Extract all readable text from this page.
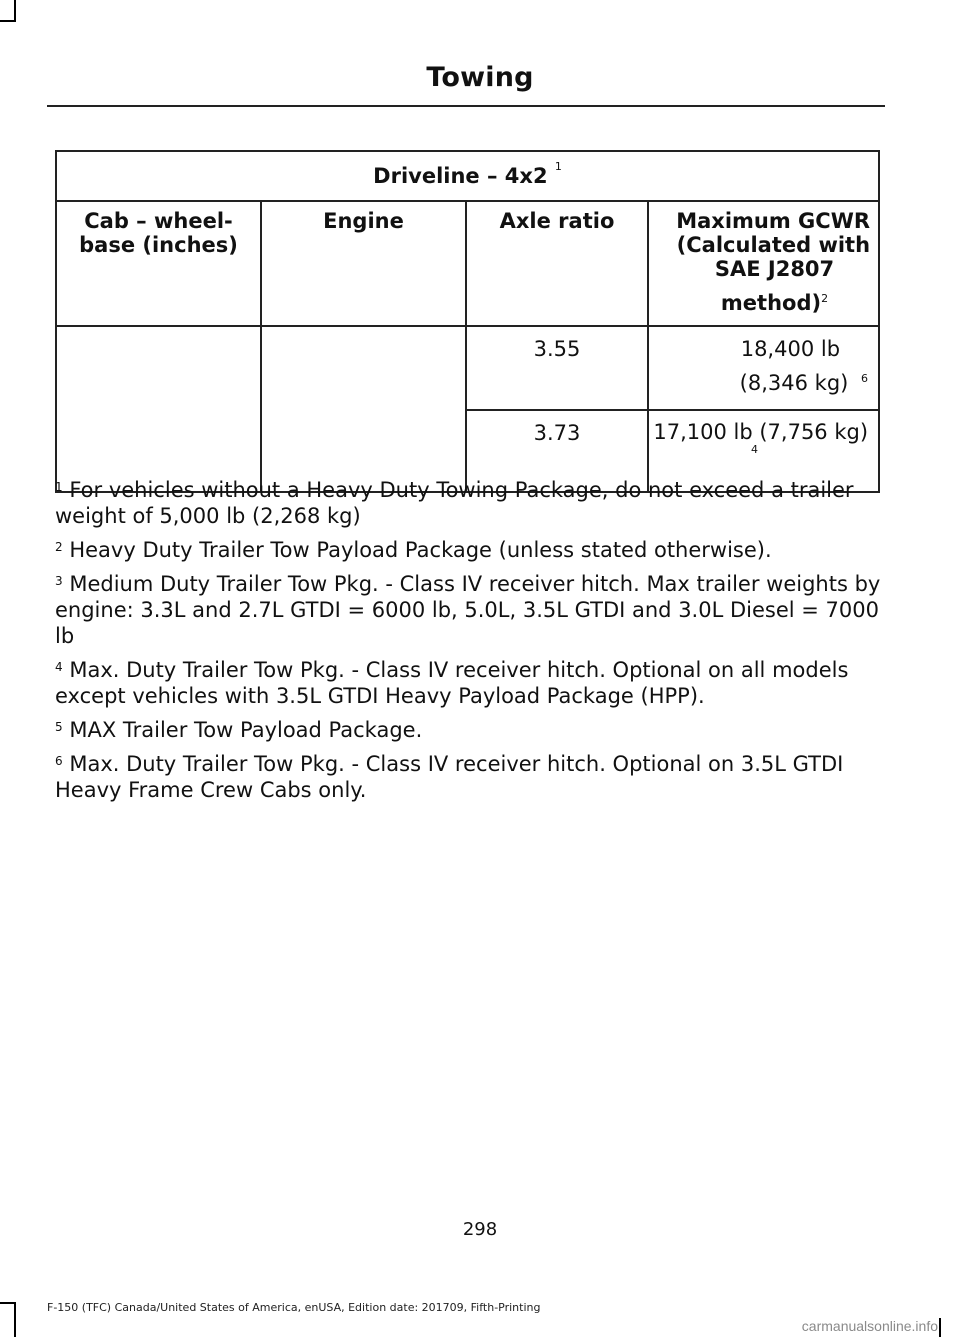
Towing
Driveline – 4x2 $^1$

Cab – wheel-base (inches)	Engine	Axle ratio	Maximum GCWR
(Calculated with
SAE J2807
method)$^2$

		3.55	18,400 lb
(8,346 kg) $^6$

		3.73	17,100 lb (7,756 kg)
4

$^1$ For vehicles without a Heavy Duty Towing Package, do not exceed a trailer weight of 5,000 lb (2,268 kg)

$^2$ Heavy Duty Trailer Tow Payload Package (unless stated otherwise).

$^3$ Medium Duty Trailer Tow Pkg. - Class IV receiver hitch. Max trailer weights by engine: 3.3L and 2.7L GTDI = 6000 lb, 5.0L, 3.5L GTDI and 3.0L Diesel = 7000 lb

$^4$ Max. Duty Trailer Tow Pkg. - Class IV receiver hitch. Optional on all models except vehicles with 3.5L GTDI Heavy Payload Package (HPP).

$^5$ MAX Trailer Tow Payload Package.

$^6$ Max. Duty Trailer Tow Pkg. - Class IV receiver hitch. Optional on 3.5L GTDI Heavy Frame Crew Cabs only.

298
F-150 (TFC) Canada/United States of America, enUSA, Edition date: 201709, Fifth-Printing
carmanualsonline.info
